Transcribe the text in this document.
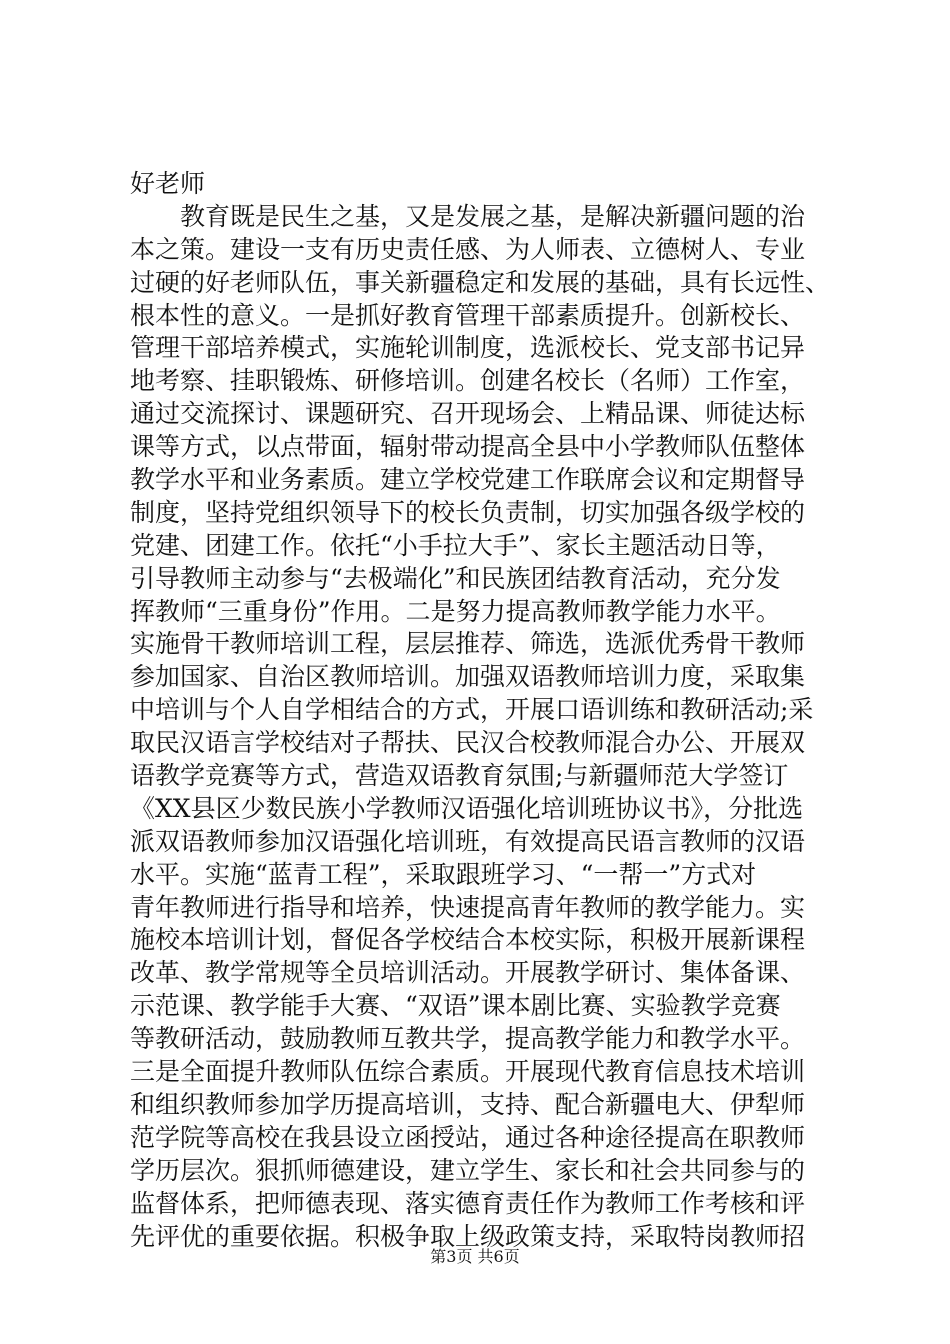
好老师
教育既是民生之基，又是发展之基，是解决新疆问题的治
本之策。建设一支有历史责任感、为人师表、立德树人、专业
过硬的好老师队伍，事关新疆稳定和发展的基础，具有长远性、
根本性的意义。一是抓好教育管理干部素质提升。创新校长、
管理干部培养模式，实施轮训制度，选派校长、党支部书记异
地考察、挂职锻炼、研修培训。创建名校长（名师）工作室，
通过交流探讨、课题研究、召开现场会、上精品课、师徒达标
课等方式，以点带面，辐射带动提高全县中小学教师队伍整体
教学水平和业务素质。建立学校党建工作联席会议和定期督导
制度，坚持党组织领导下的校长负责制，切实加强各级学校的
党建、团建工作。依托“小手拉大手”、家长主题活动日等，
引导教师主动参与“去极端化”和民族团结教育活动，充分发
挥教师“三重身份”作用。二是努力提高教师教学能力水平。
实施骨干教师培训工程，层层推荐、筛选，选派优秀骨干教师
参加国家、自治区教师培训。加强双语教师培训力度，采取集
中培训与个人自学相结合的方式，开展口语训练和教研活动;采
取民汉语言学校结对子帮扶、民汉合校教师混合办公、开展双
语教学竞赛等方式，营造双语教育氛围;与新疆师范大学签订
《XX县区少数民族小学教师汉语强化培训班协议书》，分批选
派双语教师参加汉语强化培训班，有效提高民语言教师的汉语
水平。实施“蓝青工程”，采取跟班学习、“一帮一”方式对
青年教师进行指导和培养，快速提高青年教师的教学能力。实
施校本培训计划，督促各学校结合本校实际，积极开展新课程
改革、教学常规等全员培训活动。开展教学研讨、集体备课、
示范课、教学能手大赛、“双语”课本剧比赛、实验教学竞赛
等教研活动，鼓励教师互教共学，提高教学能力和教学水平。
三是全面提升教师队伍综合素质。开展现代教育信息技术培训
和组织教师参加学历提高培训，支持、配合新疆电大、伊犁师
范学院等高校在我县设立函授站，通过各种途径提高在职教师
学历层次。狠抓师德建设，建立学生、家长和社会共同参与的
监督体系，把师德表现、落实德育责任作为教师工作考核和评
先评优的重要依据。积极争取上级政策支持，采取特岗教师招
第3页 共6页
